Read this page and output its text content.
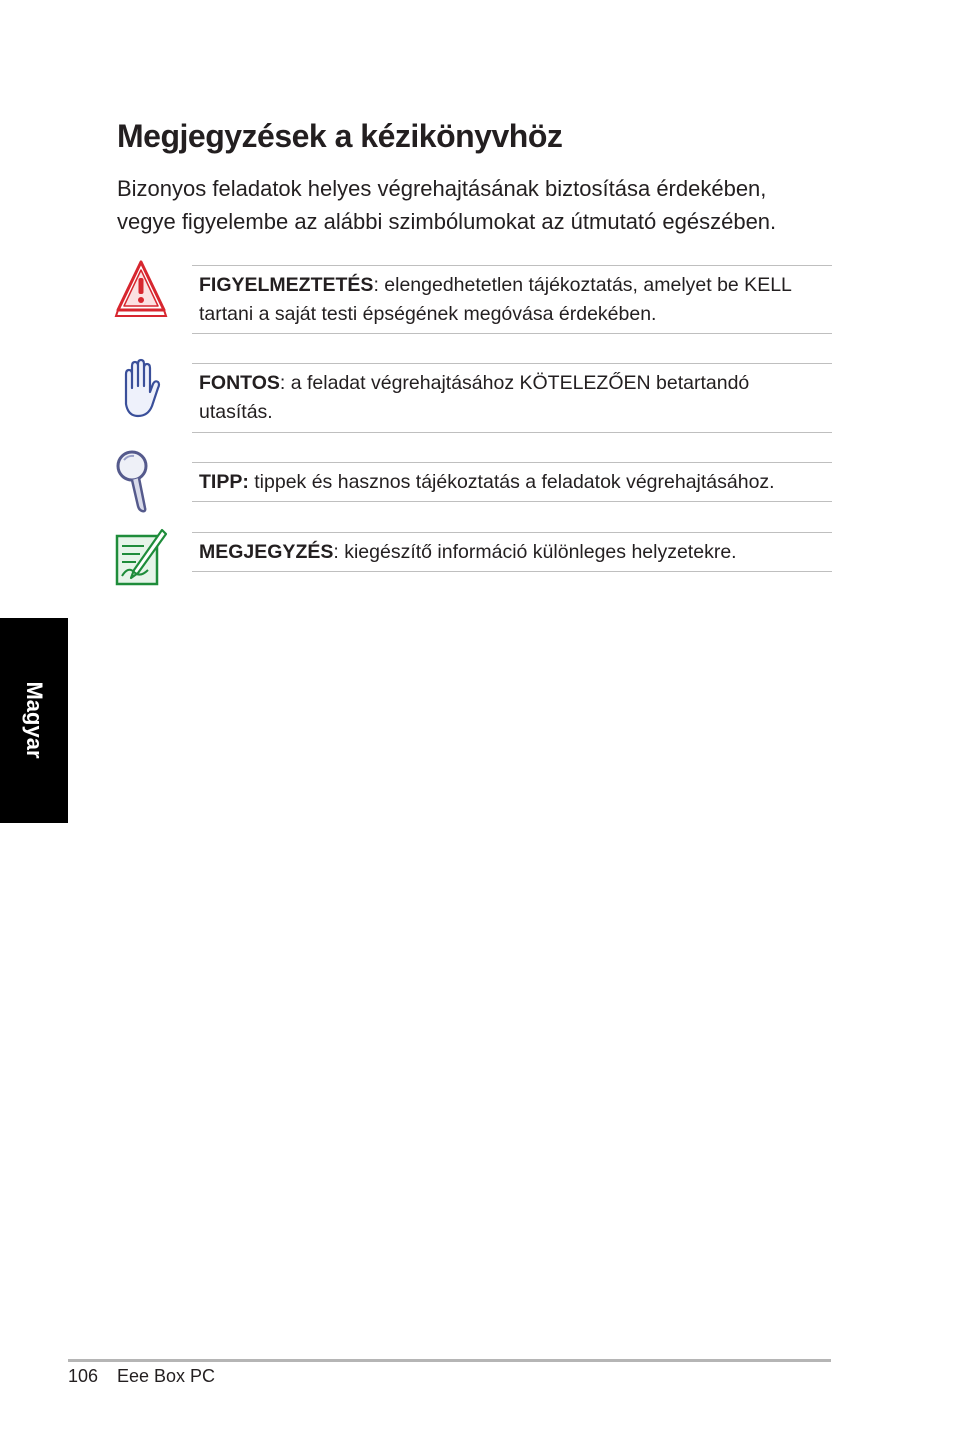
Megjegyzések a kézikönyvhöz

Bizonyos feladatok helyes végrehajtásának biztosítása érdekében,
vegye figyelembe az alábbi szimbólumokat az útmutató egészében.

FIGYELMEZTETÉS: elengedhetetlen tájékoztatás, amelyet be KELL
tartani a saját testi épségének megóvása érdekében.

FONTOS: a feladat végrehajtásához KÖTELEZŐEN betartandó
utasítás.

TIPP: tippek és hasznos tájékoztatás a feladatok végrehajtásához.

MEGJEGYZÉS: kiegészítő információ különleges helyzetekre.

Magyar
106 Eee Box PC
